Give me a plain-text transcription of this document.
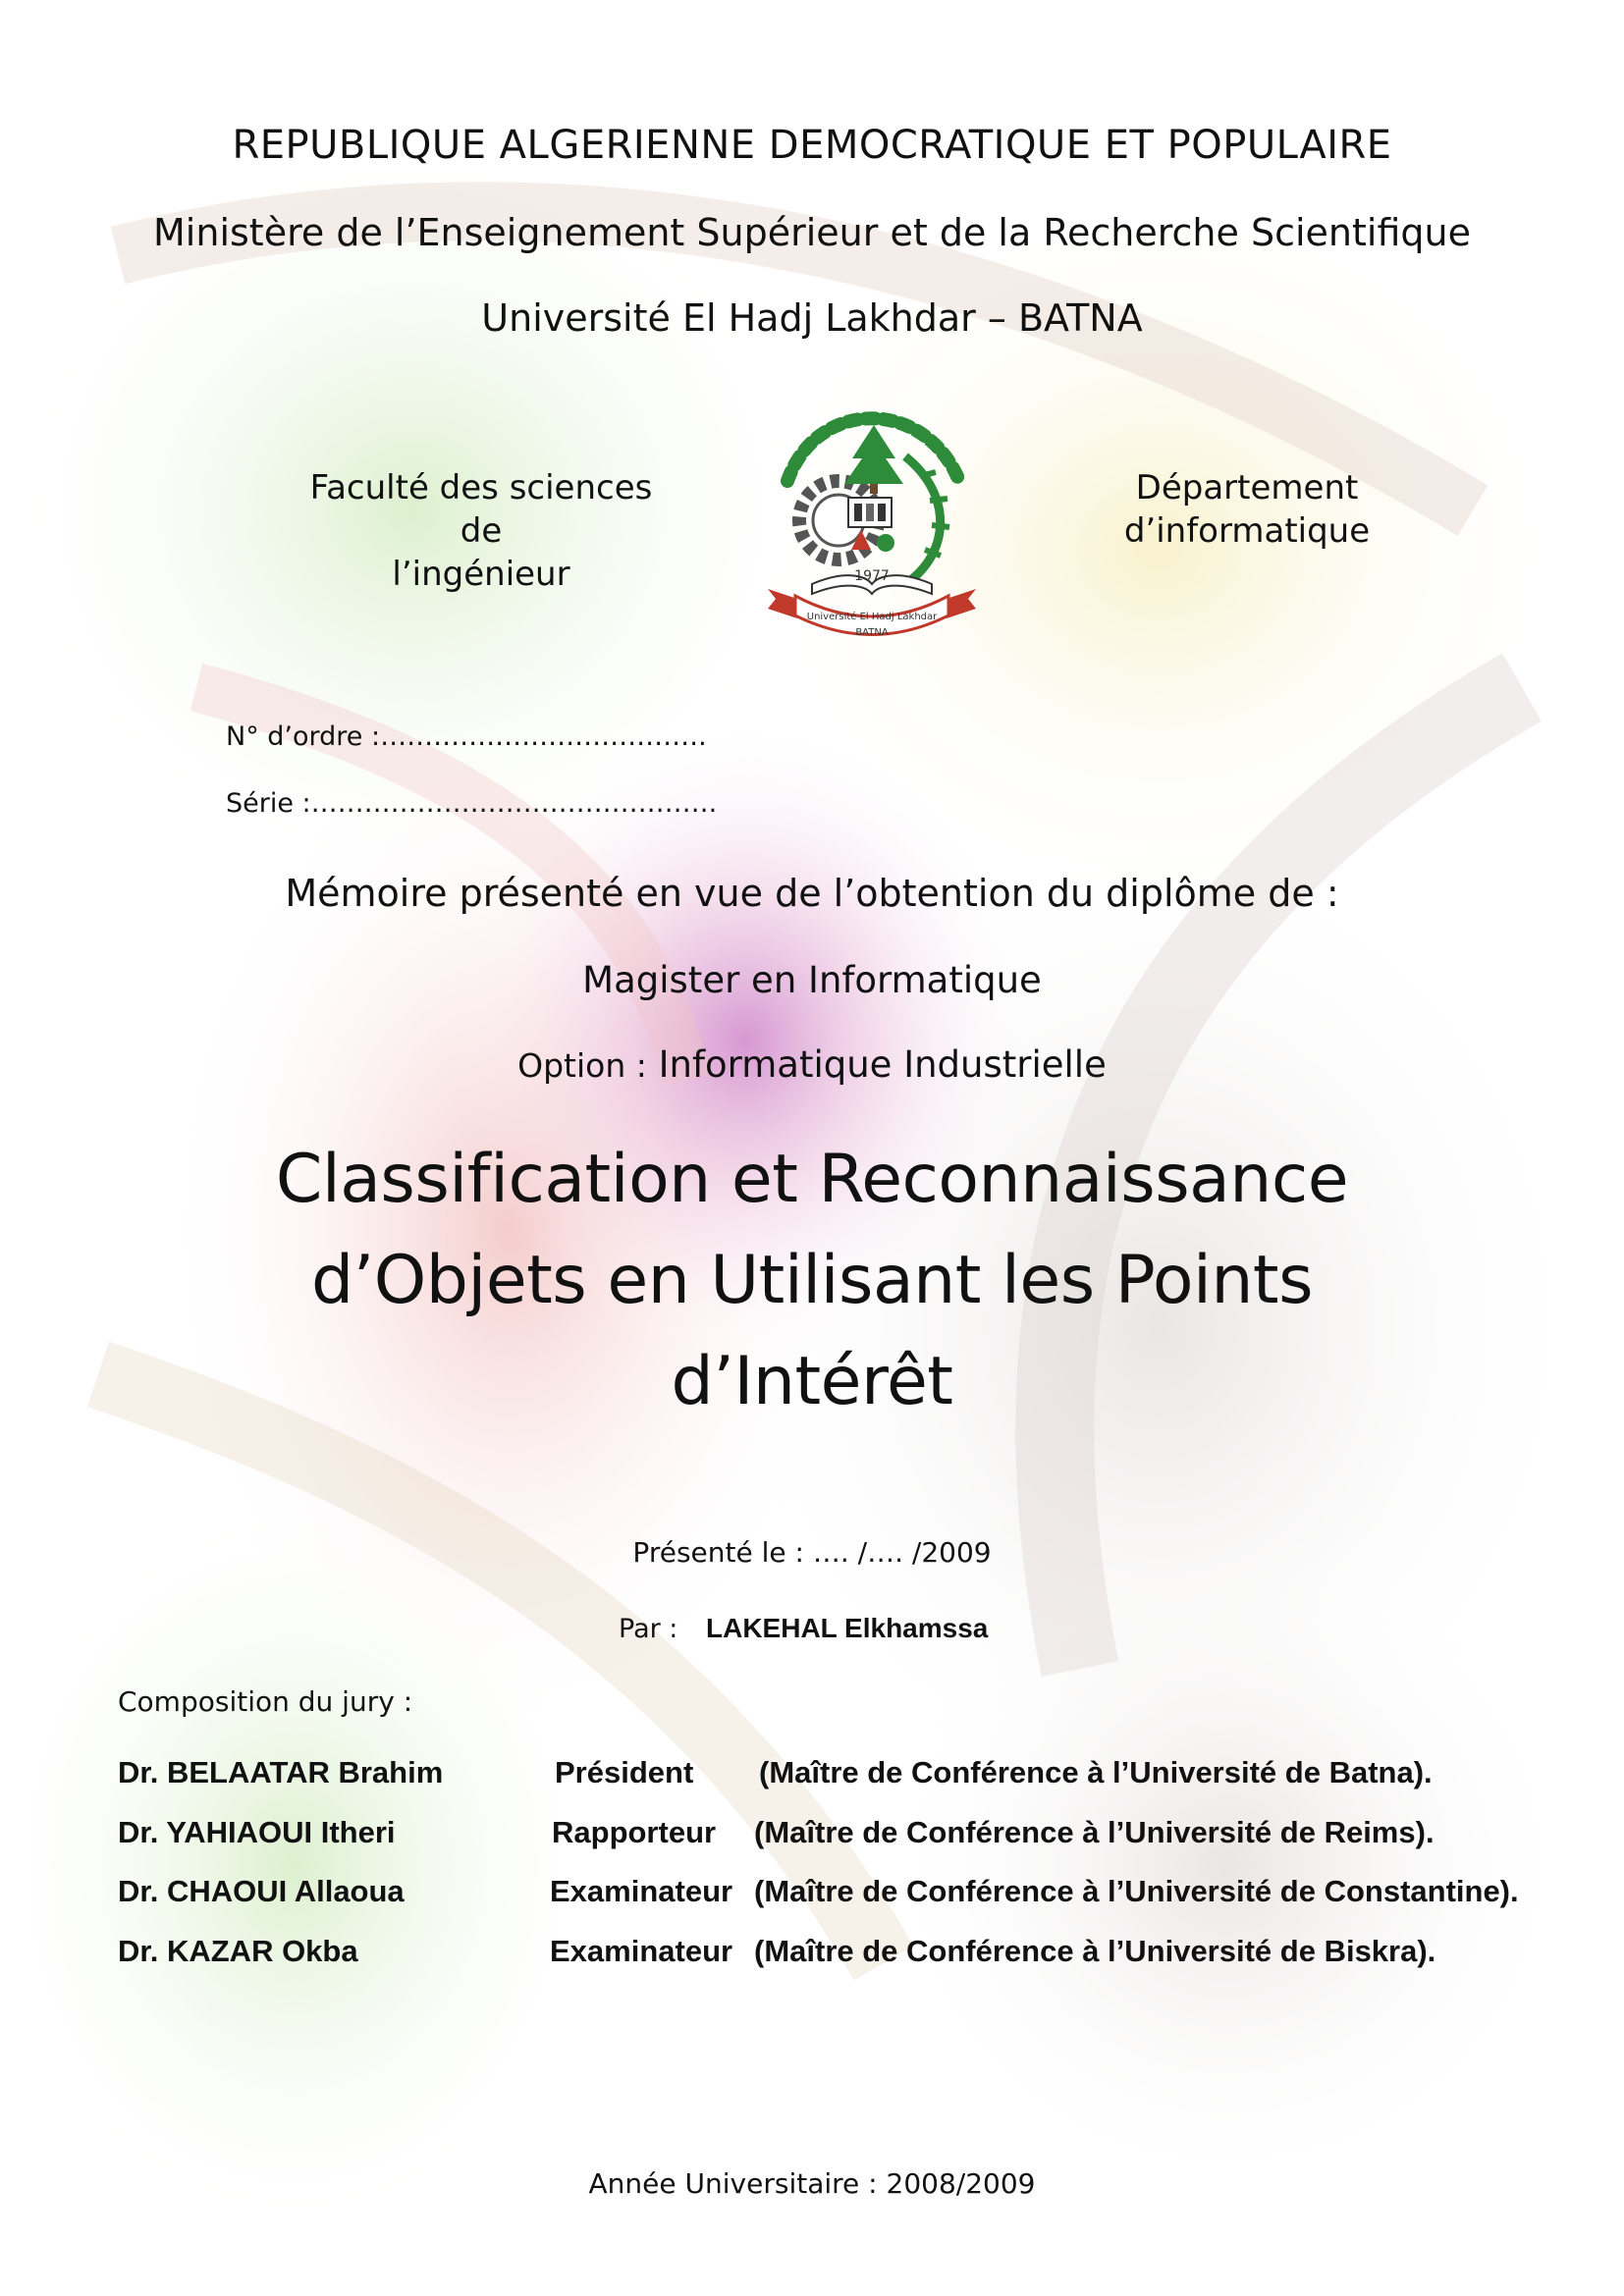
REPUBLIQUE ALGERIENNE DEMOCRATIQUE ET POPULAIRE
Ministère de l’Enseignement Supérieur et de la Recherche Scientifique
Université El Hadj Lakhdar – BATNA
Faculté des sciences de
l’ingénieur	1977
Université El Hadj Lakhdar
BATNA
Département
d’informatique
N° d’ordre :……………………………….
Série :……………………………………….
Mémoire présenté en vue de l’obtention du diplôme de :
Magister en Informatique
Option : Informatique Industrielle
Classification et Reconnaissance
d’Objets en Utilisant les Points
d’Intérêt
Présenté le : …. /…. /2009
Par : LAKEHAL Elkhamssa
Composition du jury :
Dr. BELAATAR Brahim	Président (Maître de Conférence à l’Université de Batna).
Dr. YAHIAOUI Itheri	Rapporteur (Maître de Conférence à l’Université de Reims).
Dr. CHAOUI Allaoua	Examinateur (Maître de Conférence à l’Université de Constantine).
Dr. KAZAR Okba	Examinateur (Maître de Conférence à l’Université de Biskra).
Année Universitaire : 2008/2009
